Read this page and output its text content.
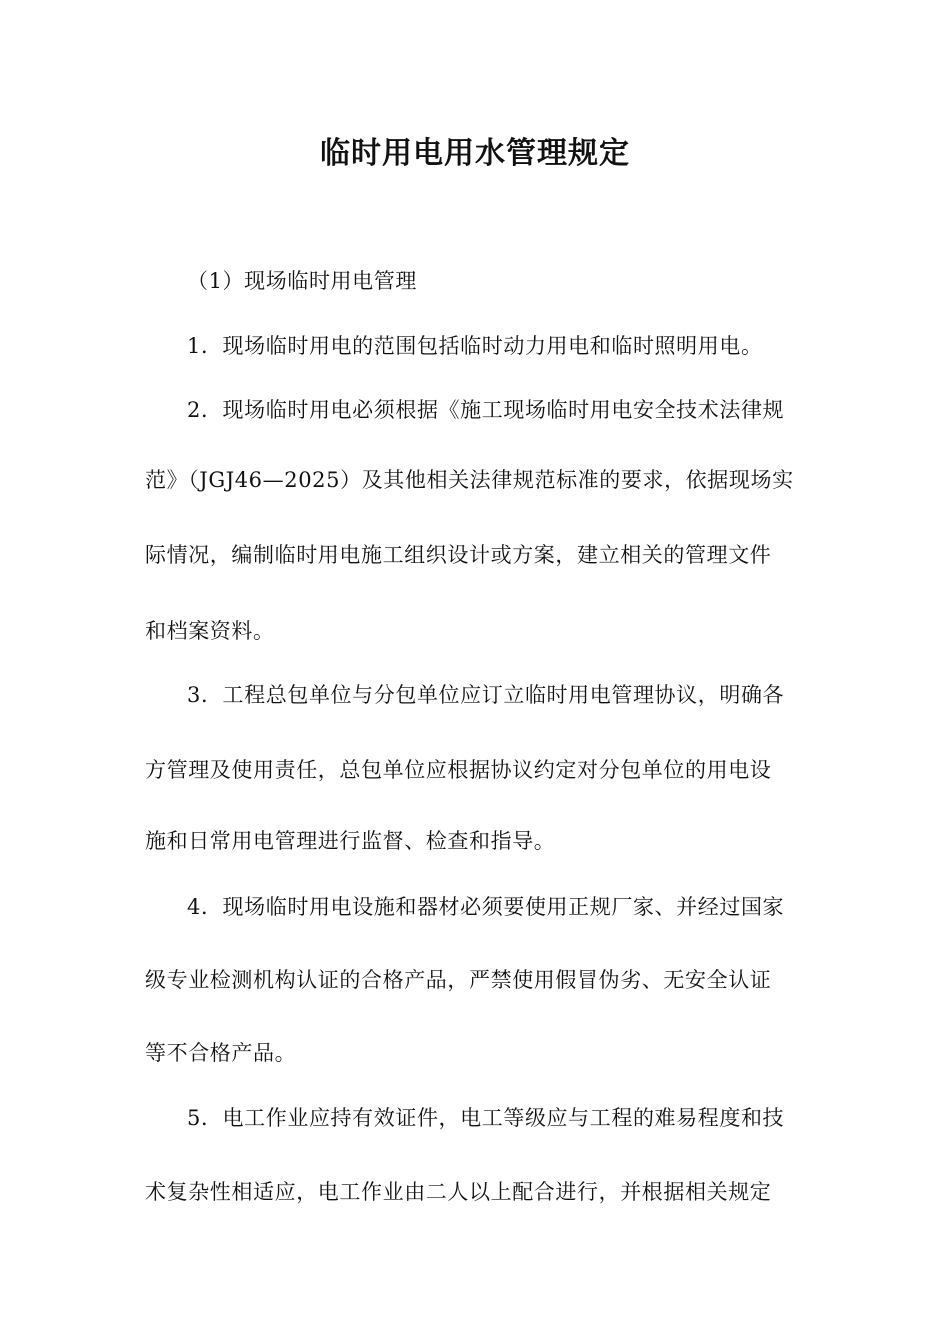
临时用电用水管理规定

（1）现场临时用电管理

1．现场临时用电的范围包括临时动力用电和临时照明用电。

2．现场临时用电必须根据《施工现场临时用电安全技术法律规

范》（JGJ46—2025）及其他相关法律规范标准的要求，依据现场实

际情况，编制临时用电施工组织设计或方案，建立相关的管理文件

和档案资料。

3．工程总包单位与分包单位应订立临时用电管理协议，明确各

方管理及使用责任，总包单位应根据协议约定对分包单位的用电设

施和日常用电管理进行监督、检查和指导。

4．现场临时用电设施和器材必须要使用正规厂家、并经过国家

级专业检测机构认证的合格产品，严禁使用假冒伪劣、无安全认证

等不合格产品。

5．电工作业应持有效证件，电工等级应与工程的难易程度和技

术复杂性相适应，电工作业由二人以上配合进行，并根据相关规定
